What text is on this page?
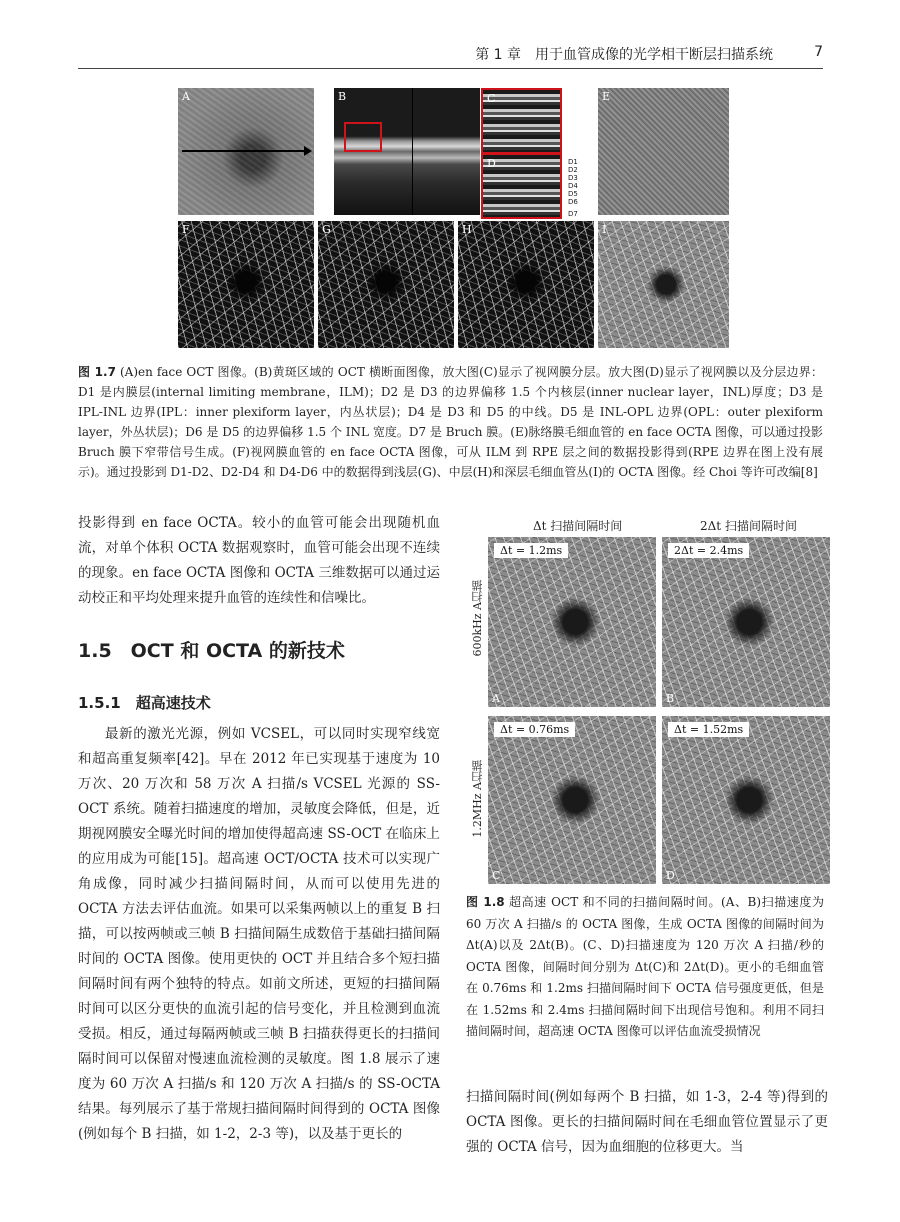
第 1 章　用于血管成像的光学相干断层扫描系统	7
A	B	C
D	D1
D2
D3
D4
D5
D6
D7
E
F	G	H	I
图 1.7 (A)en face OCT 图像。(B)黄斑区域的 OCT 横断面图像，放大图(C)显示了视网膜分层。放大图(D)显示了视网膜以及分层边界：D1 是内膜层(internal limiting membrane，ILM)；D2 是 D3 的边界偏移 1.5 个内核层(inner nuclear layer，INL)厚度；D3 是 IPL-INL 边界(IPL：inner plexiform layer，内丛状层)；D4 是 D3 和 D5 的中线。D5 是 INL-OPL 边界(OPL：outer plexiform layer，外丛状层)；D6 是 D5 的边界偏移 1.5 个 INL 宽度。D7 是 Bruch 膜。(E)脉络膜毛细血管的 en face OCTA 图像，可以通过投影 Bruch 膜下窄带信号生成。(F)视网膜血管的 en face OCTA 图像，可从 ILM 到 RPE 层之间的数据投影得到(RPE 边界在图上没有展示)。通过投影到 D1-D2、D2-D4 和 D4-D6 中的数据得到浅层(G)、中层(H)和深层毛细血管丛(I)的 OCTA 图像。经 Choi 等许可改编[8]
投影得到 en face OCTA。较小的血管可能会出现随机血流，对单个体积 OCTA 数据观察时，血管可能会出现不连续的现象。en face OCTA 图像和 OCTA 三维数据可以通过运动校正和平均处理来提升血管的连续性和信噪比。
1.5　OCT 和 OCTA 的新技术
1.5.1　超高速技术
最新的激光光源，例如 VCSEL，可以同时实现窄线宽和超高重复频率[42]。早在 2012 年已实现基于速度为 10 万次、20 万次和 58 万次 A 扫描/s VCSEL 光源的 SS-OCT 系统。随着扫描速度的增加，灵敏度会降低，但是，近期视网膜安全曝光时间的增加使得超高速 SS-OCT 在临床上的应用成为可能[15]。超高速 OCT/OCTA 技术可以实现广角成像，同时减少扫描间隔时间，从而可以使用先进的 OCTA 方法去评估血流。如果可以采集两帧以上的重复 B 扫描，可以按两帧或三帧 B 扫描间隔生成数倍于基础扫描间隔时间的 OCTA 图像。使用更快的 OCT 并且结合多个短扫描间隔时间有两个独特的特点。如前文所述，更短的扫描间隔时间可以区分更快的血流引起的信号变化，并且检测到血流受损。相反，通过每隔两帧或三帧 B 扫描获得更长的扫描间隔时间可以保留对慢速血流检测的灵敏度。图 1.8 展示了速度为 60 万次 A 扫描/s 和 120 万次 A 扫描/s 的 SS-OCTA 结果。每列展示了基于常规扫描间隔时间得到的 OCTA 图像(例如每个 B 扫描，如 1-2，2-3 等)，以及基于更长的
Δt 扫描间隔时间	2Δt 扫描间隔时间
600kHz A扫描
1.2MHz A扫描
Δt = 1.2ms
A
2Δt = 2.4ms
B
Δt = 0.76ms
C
Δt = 1.52ms
D
图 1.8 超高速 OCT 和不同的扫描间隔时间。(A、B)扫描速度为 60 万次 A 扫描/s 的 OCTA 图像，生成 OCTA 图像的间隔时间为 Δt(A)以及 2Δt(B)。(C、D)扫描速度为 120 万次 A 扫描/秒的 OCTA 图像，间隔时间分别为 Δt(C)和 2Δt(D)。更小的毛细血管在 0.76ms 和 1.2ms 扫描间隔时间下 OCTA 信号强度更低，但是在 1.52ms 和 2.4ms 扫描间隔时间下出现信号饱和。利用不同扫描间隔时间，超高速 OCTA 图像可以评估血流受损情况
扫描间隔时间(例如每两个 B 扫描，如 1-3，2-4 等)得到的 OCTA 图像。更长的扫描间隔时间在毛细血管位置显示了更强的 OCTA 信号，因为血细胞的位移更大。当
